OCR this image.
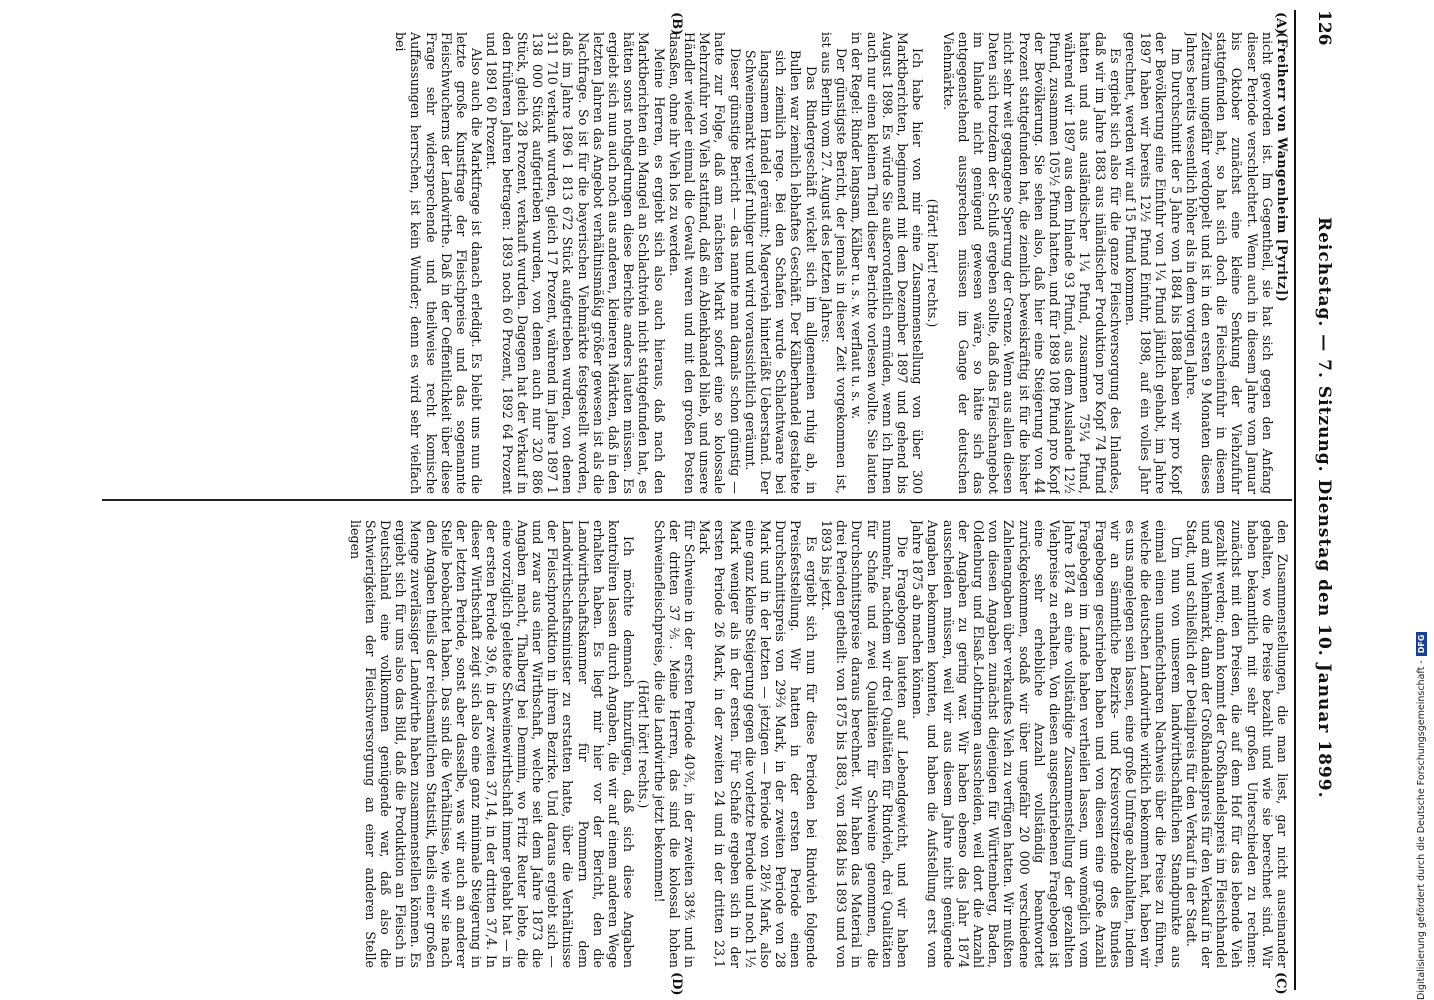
126
Reichstag. — 7. Sitzung. Dienstag den 10. Januar 1899.
(A)
(B)
(C)
(D)

(Freiherr von Wangenheim [Pyritz])

nicht geworden ist. Im Gegentheil, sie hat sich gegen den Anfang dieser Periode verschlechtert. Wenn auch in diesem Jahre vom Januar bis Oktober zunächst eine kleine Senkung der Viehzufuhr stattgefunden hat, so hat sich doch die Fleischeinfuhr in diesem Zeitraum ungefähr verdoppelt und ist in den ersten 9 Monaten dieses Jahres bereits wesentlich höher als in dem vorigen Jahre.

Im Durchschnitt der 5 Jahre von 1884 bis 1888 haben wir pro Kopf der Bevölkerung eine Einfuhr von 1¼ Pfund jährlich gehabt, im Jahre 1897 haben wir bereits 12½ Pfund Einfuhr, 1898, auf ein volles Jahr gerechnet, werden wir auf 15 Pfund kommen.

Es ergiebt sich also für die ganze Fleischversorgung des Inlandes, daß wir im Jahre 1883 aus inländischer Produktion pro Kopf 74 Pfund hatten und aus ausländischer 1¼ Pfund, zusammen 75¼ Pfund, während wir 1897 aus dem Inlande 93 Pfund, aus dem Auslande 12½ Pfund, zusammen 105½ Pfund hatten, und für 1898 108 Pfund pro Kopf der Bevölkerung. Sie sehen also, daß hier eine Steigerung von 44 Prozent stattgefunden hat, die ziemlich beweiskräftig ist für die bisher nicht sehr weit gegangene Sperrung der Grenze. Wenn aus allen diesen Daten sich trotzdem der Schluß ergeben sollte, daß das Fleischangebot im Inlande nicht genügend gewesen wäre, so hätte sich das entgegenstehend aussprechen müssen im Gange der deutschen Viehmärkte.

(Hört! hört! rechts.)

Ich habe hier von mir eine Zusammenstellung von über 300 Marktberichten, beginnend mit dem Dezember 1897 und gehend bis August 1898. Es würde Sie außerordentlich ermüden, wenn ich Ihnen auch nur einen kleinen Theil dieser Berichte vorlesen wollte. Sie lauten in der Regel: Rinder langsam, Kälber u. s. w. verflaut u. s. w.

Der günstigste Bericht, der jemals in dieser Zeit vorgekommen ist, ist aus Berlin vom 27. August des letzten Jahres:

Das Rindergeschäft wickelt sich im allgemeinen ruhig ab, in Bullen war ziemlich lebhaftes Geschäft. Der Kälberhandel gestaltete sich ziemlich rege. Bei den Schafen wurde Schlachtwaare bei langsamem Handel geräumt; Magervieh hinterläßt Ueberstand. Der Schweinemarkt verlief ruhiger und wird voraussichtlich geräumt.

Dieser günstige Bericht — das nannte man damals schon günstig — hatte zur Folge, daß am nächsten Markt sofort eine so kolossale Mehrzufuhr von Vieh stattfand, daß ein Ablenkhandel blieb, und unsere Händler wieder einmal die Gewalt waren und mit den großen Posten dasaßen, ohne ihr Vieh los zu werden.

Meine Herren, es ergiebt sich also auch hieraus, daß nach den Marktberichten ein Mangel an Schlachtvieh nicht stattgefunden hat, es hätten sonst nothgedrungen diese Berichte anders lauten müssen. Es ergiebt sich nun auch noch aus anderen, kleineren Märkten, daß in den letzten Jahren das Angebot verhältnismäßig größer gewesen ist als die Nachfrage. So ist für die bayerischen Viehmärkte festgestellt worden, daß im Jahre 1896 1 813 672 Stück aufgetrieben wurden, von denen 311 710 verkauft wurden, gleich 17 Prozent, während im Jahre 1897 1 138 000 Stück aufgetrieben wurden, von denen auch nur 320 886 Stück, gleich 28 Prozent, verkauft wurden. Dagegen hat der Verkauf in den früheren Jahren betragen: 1893 noch 60 Prozent, 1892 64 Prozent und 1891 60 Prozent.

Also auch die Marktfrage ist danach erledigt. Es bleibt uns nun die letzte große Kunstfrage der Fleischpreise und das sogenannte Fleischwucherns der Landwirthe. Daß in der Oeffentlichkeit über diese Frage sehr widersprechende und theilweise recht komische Auffassungen herrschen, ist kein Wunder; denn es wird sehr vielfach bei

den Zusammenstellungen, die man liest, gar nicht auseinander gehalten, wo die Preise bezahlt und wie sie berechnet sind. Wir haben bekanntlich mit sehr großen Unterschieden zu rechnen: zunächst mit den Preisen, die auf dem Hof für das lebende Vieh gezahlt werden; dann kommt der Großhandelspreis im Fleischhandel und am Viehmarkt, dann der Großhandelspreis für den Verkauf in der Stadt, und schließlich der Detailpreis für den Verkauf in der Stadt.

Um nun von unserem landwirthschaftlichen Standpunkte aus einmal einen unanfechtbaren Nachweis über die Preise zu führen, welche die deutschen Landwirthe wirklich bekommen hat, haben wir es uns angelegen sein lassen, eine große Umfrage abzuhalten, indem wir an sämmtliche Bezirks- und Kreisvorsitzende des Bundes Fragebogen geschrieben haben und von diesen eine große Anzahl Fragebogen im Lande haben vertheilen lassen, um womöglich vom Jahre 1874 an eine vollständige Zusammenstellung der gezahlten Viehpreise zu erhalten. Von diesen ausgeschriebenen Fragebogen ist eine sehr erhebliche Anzahl vollständig beantwortet zurückgekommen, sodaß wir über ungefähr 20 000 verschiedene Zahlenangaben über verkauftes Vieh zu verfügen hatten. Wir mußten von diesen Angaben zunächst diejenigen für Württemberg, Baden, Oldenburg und Elsaß-Lothringen ausscheiden, weil dort die Anzahl der Angaben zu gering war. Wir haben ebenso das Jahr 1874 ausscheiden müssen, weil wir aus diesem Jahre nicht genügende Angaben bekommen konnten, und haben die Aufstellung erst vom Jahre 1875 ab machen können.

Die Fragebogen lauteten auf Lebendgewicht, und wir haben nunmehr, nachdem wir drei Qualitäten für Rindvieh, drei Qualitäten für Schafe und zwei Qualitäten für Schweine genommen, die Durchschnittspreise daraus berechnet. Wir haben das Material in drei Perioden getheilt: von 1875 bis 1883, von 1884 bis 1893 und von 1893 bis jetzt.

Es ergiebt sich nun für diese Perioden bei Rindvieh folgende Preisfeststellung. Wir hatten in der ersten Periode einen Durchschnittspreis von 29⅔ Mark, in der zweiten Periode von 28 Mark und in der letzten — jetzigen — Periode von 28½ Mark, also eine ganz kleine Steigerung gegen die vorletzte Periode und noch 1½ Mark weniger als in der ersten. Für Schafe ergeben sich in der ersten Periode 26 Mark, in der zweiten 24 und in der dritten 23,1 Mark

für Schweine in der ersten Periode 40⅗, in der zweiten 38⅘ und in der dritten 37⅖. Meine Herren, das sind die kolossal hohen Schweinefleischpreise, die die Landwirthe jetzt bekommen!

(Hört! hört! rechts.)

Ich möchte demnach hinzufügen, daß sich diese Angaben kontroliren lassen durch Angaben, die wir auf einem anderen Wege erhalten haben. Es liegt mir hier vor der Bericht, den die Landwirthschaftskammer für Pommern dem Landwirthschaftsminister zu erstatten hatte, über die Verhältnisse der Fleischproduktion in ihrem Bezirke. Und daraus ergiebt sich — und zwar aus einer Wirthschaft, welche seit dem Jahre 1873 die Angaben macht, Thalberg bei Demmin, wo Fritz Reuter lebte, die eine vorzüglich geleitete Schweinewirthschaft immer gehabt hat — in der ersten Periode 39,6, in der zweiten 37,14, in der dritten 37,4. In dieser Wirthschaft zeigt sich also eine ganz minimale Steigerung in der letzten Periode, sonst aber dasselbe, was wir auch an anderer Stelle beobachtet haben. Das sind die Verhältnisse, wie wir sie nach den Angaben theils der reichsamtlichen Statistik, theils einer großen Menge zuverlässiger Landwirthe haben zusammenstellen können. Es ergiebt sich für uns also das Bild, daß die Produktion an Fleisch in Deutschland eine vollkommen genügende war, daß also die Schwierigkeiten der Fleischversorgung an einer anderen Stelle liegen

Digitalisierung gefördert durch die Deutsche Forschungsgemeinschaft -
DFG
